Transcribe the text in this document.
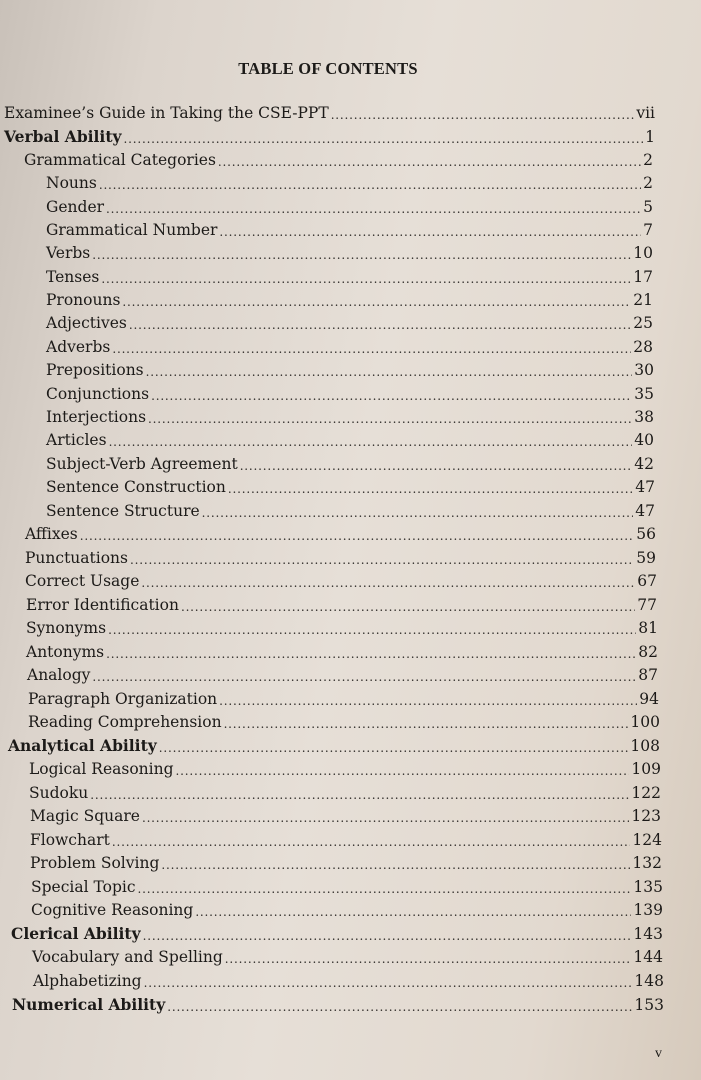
TABLE OF CONTENTS
Examinee’s Guide in Taking the CSE-PPT .....	vii
Verbal Ability .....	1
Grammatical Categories .....	2
Nouns .....	2
Gender .....	5
Grammatical Number .....	7
Verbs .....	10
Tenses .....	17
Pronouns .....	21
Adjectives .....	25
Adverbs .....	28
Prepositions .....	30
Conjunctions .....	35
Interjections .....	38
Articles .....	40
Subject-Verb Agreement .....	42
Sentence Construction .....	47
Sentence Structure .....	47
Affixes .....	56
Punctuations .....	59
Correct Usage .....	67
Error Identification .....	77
Synonyms .....	81
Antonyms .....	82
Analogy .....	87
Paragraph Organization .....	94
Reading Comprehension .....	100
Analytical Ability .....	108
Logical Reasoning .....	109
Sudoku .....	122
Magic Square .....	123
Flowchart .....	124
Problem Solving .....	132
Special Topic .....	135
Cognitive Reasoning .....	139
Clerical Ability .....	143
Vocabulary and Spelling .....	144
Alphabetizing .....	148
Numerical Ability .....	153
v
